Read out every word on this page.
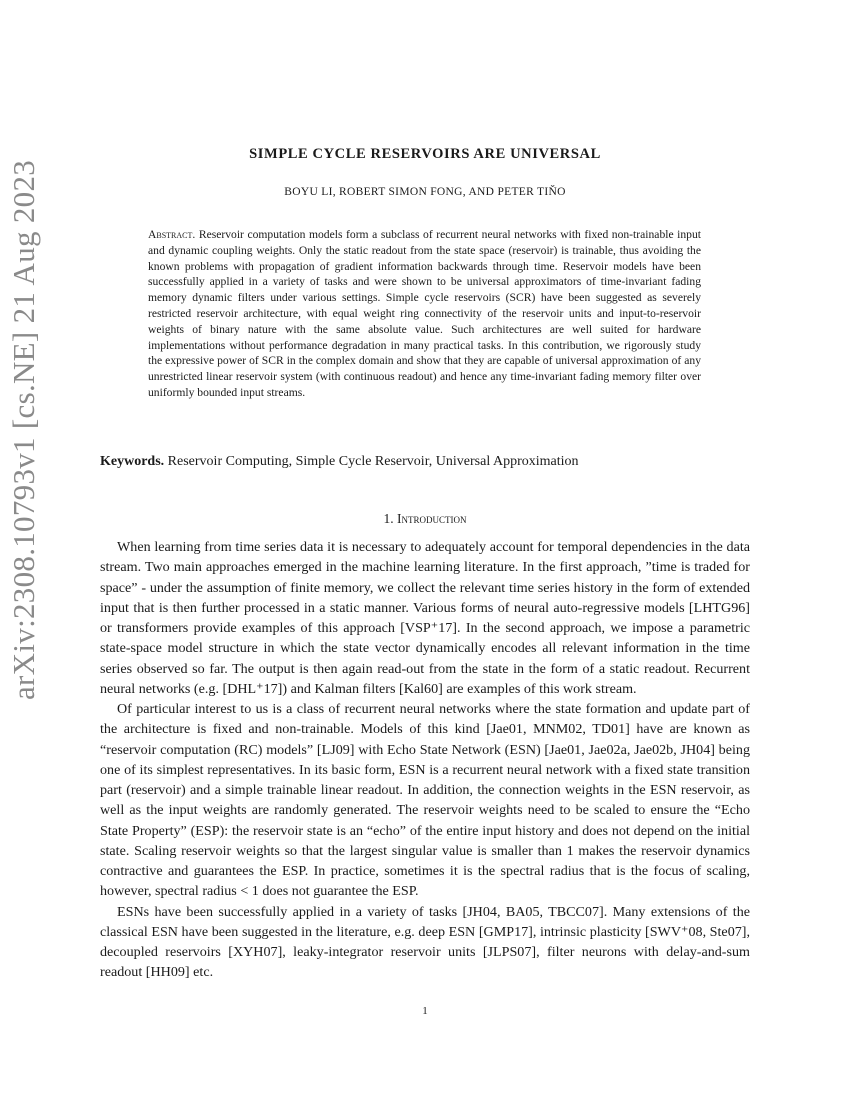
arXiv:2308.10793v1 [cs.NE] 21 Aug 2023
SIMPLE CYCLE RESERVOIRS ARE UNIVERSAL
BOYU LI, ROBERT SIMON FONG, AND PETER TIŇO
Abstract. Reservoir computation models form a subclass of recurrent neural networks with fixed non-trainable input and dynamic coupling weights. Only the static readout from the state space (reservoir) is trainable, thus avoiding the known problems with propagation of gradient information backwards through time. Reservoir models have been successfully applied in a variety of tasks and were shown to be universal approximators of time-invariant fading memory dynamic filters under various settings. Simple cycle reservoirs (SCR) have been suggested as severely restricted reservoir architecture, with equal weight ring connectivity of the reservoir units and input-to-reservoir weights of binary nature with the same absolute value. Such architectures are well suited for hardware implementations without performance degradation in many practical tasks. In this contribution, we rigorously study the expressive power of SCR in the complex domain and show that they are capable of universal approximation of any unrestricted linear reservoir system (with continuous readout) and hence any time-invariant fading memory filter over uniformly bounded input streams.
Keywords. Reservoir Computing, Simple Cycle Reservoir, Universal Approximation
1. Introduction

When learning from time series data it is necessary to adequately account for temporal dependencies in the data stream. Two main approaches emerged in the machine learning literature. In the first approach, ”time is traded for space” - under the assumption of finite memory, we collect the relevant time series history in the form of extended input that is then further processed in a static manner. Various forms of neural auto-regressive models [LHTG96] or transformers provide examples of this approach [VSP⁺17]. In the second approach, we impose a parametric state-space model structure in which the state vector dynamically encodes all relevant information in the time series observed so far. The output is then again read-out from the state in the form of a static readout. Recurrent neural networks (e.g. [DHL⁺17]) and Kalman filters [Kal60] are examples of this work stream.

Of particular interest to us is a class of recurrent neural networks where the state formation and update part of the architecture is fixed and non-trainable. Models of this kind [Jae01, MNM02, TD01] have are known as “reservoir computation (RC) models” [LJ09] with Echo State Network (ESN) [Jae01, Jae02a, Jae02b, JH04] being one of its simplest representatives. In its basic form, ESN is a recurrent neural network with a fixed state transition part (reservoir) and a simple trainable linear readout. In addition, the connection weights in the ESN reservoir, as well as the input weights are randomly generated. The reservoir weights need to be scaled to ensure the “Echo State Property” (ESP): the reservoir state is an “echo” of the entire input history and does not depend on the initial state. Scaling reservoir weights so that the largest singular value is smaller than 1 makes the reservoir dynamics contractive and guarantees the ESP. In practice, sometimes it is the spectral radius that is the focus of scaling, however, spectral radius < 1 does not guarantee the ESP.

ESNs have been successfully applied in a variety of tasks [JH04, BA05, TBCC07]. Many extensions of the classical ESN have been suggested in the literature, e.g. deep ESN [GMP17], intrinsic plasticity [SWV⁺08, Ste07], decoupled reservoirs [XYH07], leaky-integrator reservoir units [JLPS07], filter neurons with delay-and-sum readout [HH09] etc.

1
